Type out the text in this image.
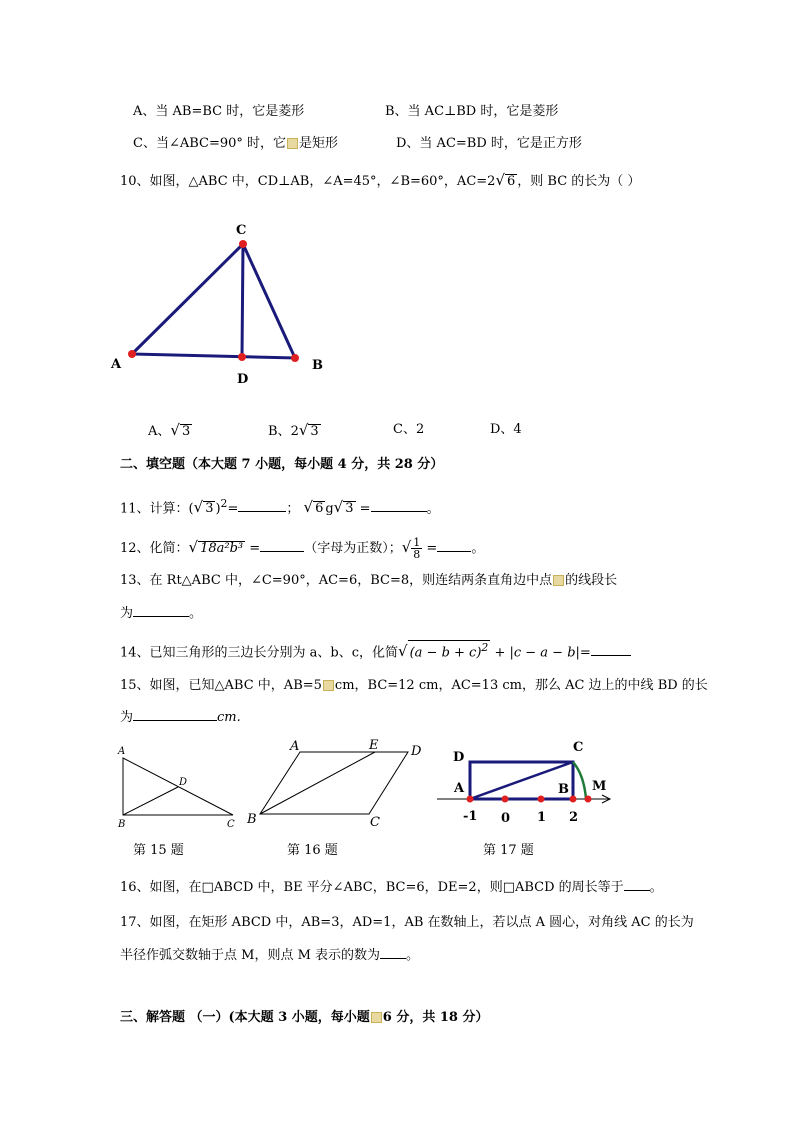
A、当 AB=BC 时，它是菱形	B、当 AC⊥BD 时，它是菱形
C、当∠ABC=90° 时，它 是矩形	D、当 AC=BD 时，它是正方形
10、如图，△ABC 中，CD⊥AB，∠A=45°，∠B=60°，AC=2√ 6 ，则 BC 的长为（ ）
C
A
D
B
A、√ 3	B、2√ 3	C、2	D、4
二、填空题（本大题 7 小题，每小题 4 分，共 28 分）
11、计算：(√ 3 )$^2$=	； √ 6 g√ 3 =	。
12、化简：√ 18a²b³ =	（字母为正数）；√ $\frac{1}{8}$ =	。
13、在 Rt△ABC 中，∠C=90°，AC=6，BC=8，则连结两条直角边中点 的线段长
为	。
14、已知三角形的三边长分别为 a、b、c，化简√ $(a - b + c)^2 + |c - a - b|=$
15、如图，已知△ABC 中，AB=5 cm，BC=12 cm，AC=13 cm，那么 AC 边上的中线 BD 的长
为	cm.
A
D
B	C
第 15 题
A	E	D
B	C
第 16 题
D
C
A	B M
-1 0 1 2
第 17 题
16、如图，在□ABCD 中，BE 平分∠ABC，BC=6，DE=2，则□ABCD 的周长等于 。
17、如图，在矩形 ABCD 中，AB=3，AD=1，AB 在数轴上，若以点 A 圆心，对角线 AC 的长为
半径作弧交数轴于点 M，则点 M 表示的数为 。
三、解答题 （一）(本大题 3 小题，每小题 6 分，共 18 分）
